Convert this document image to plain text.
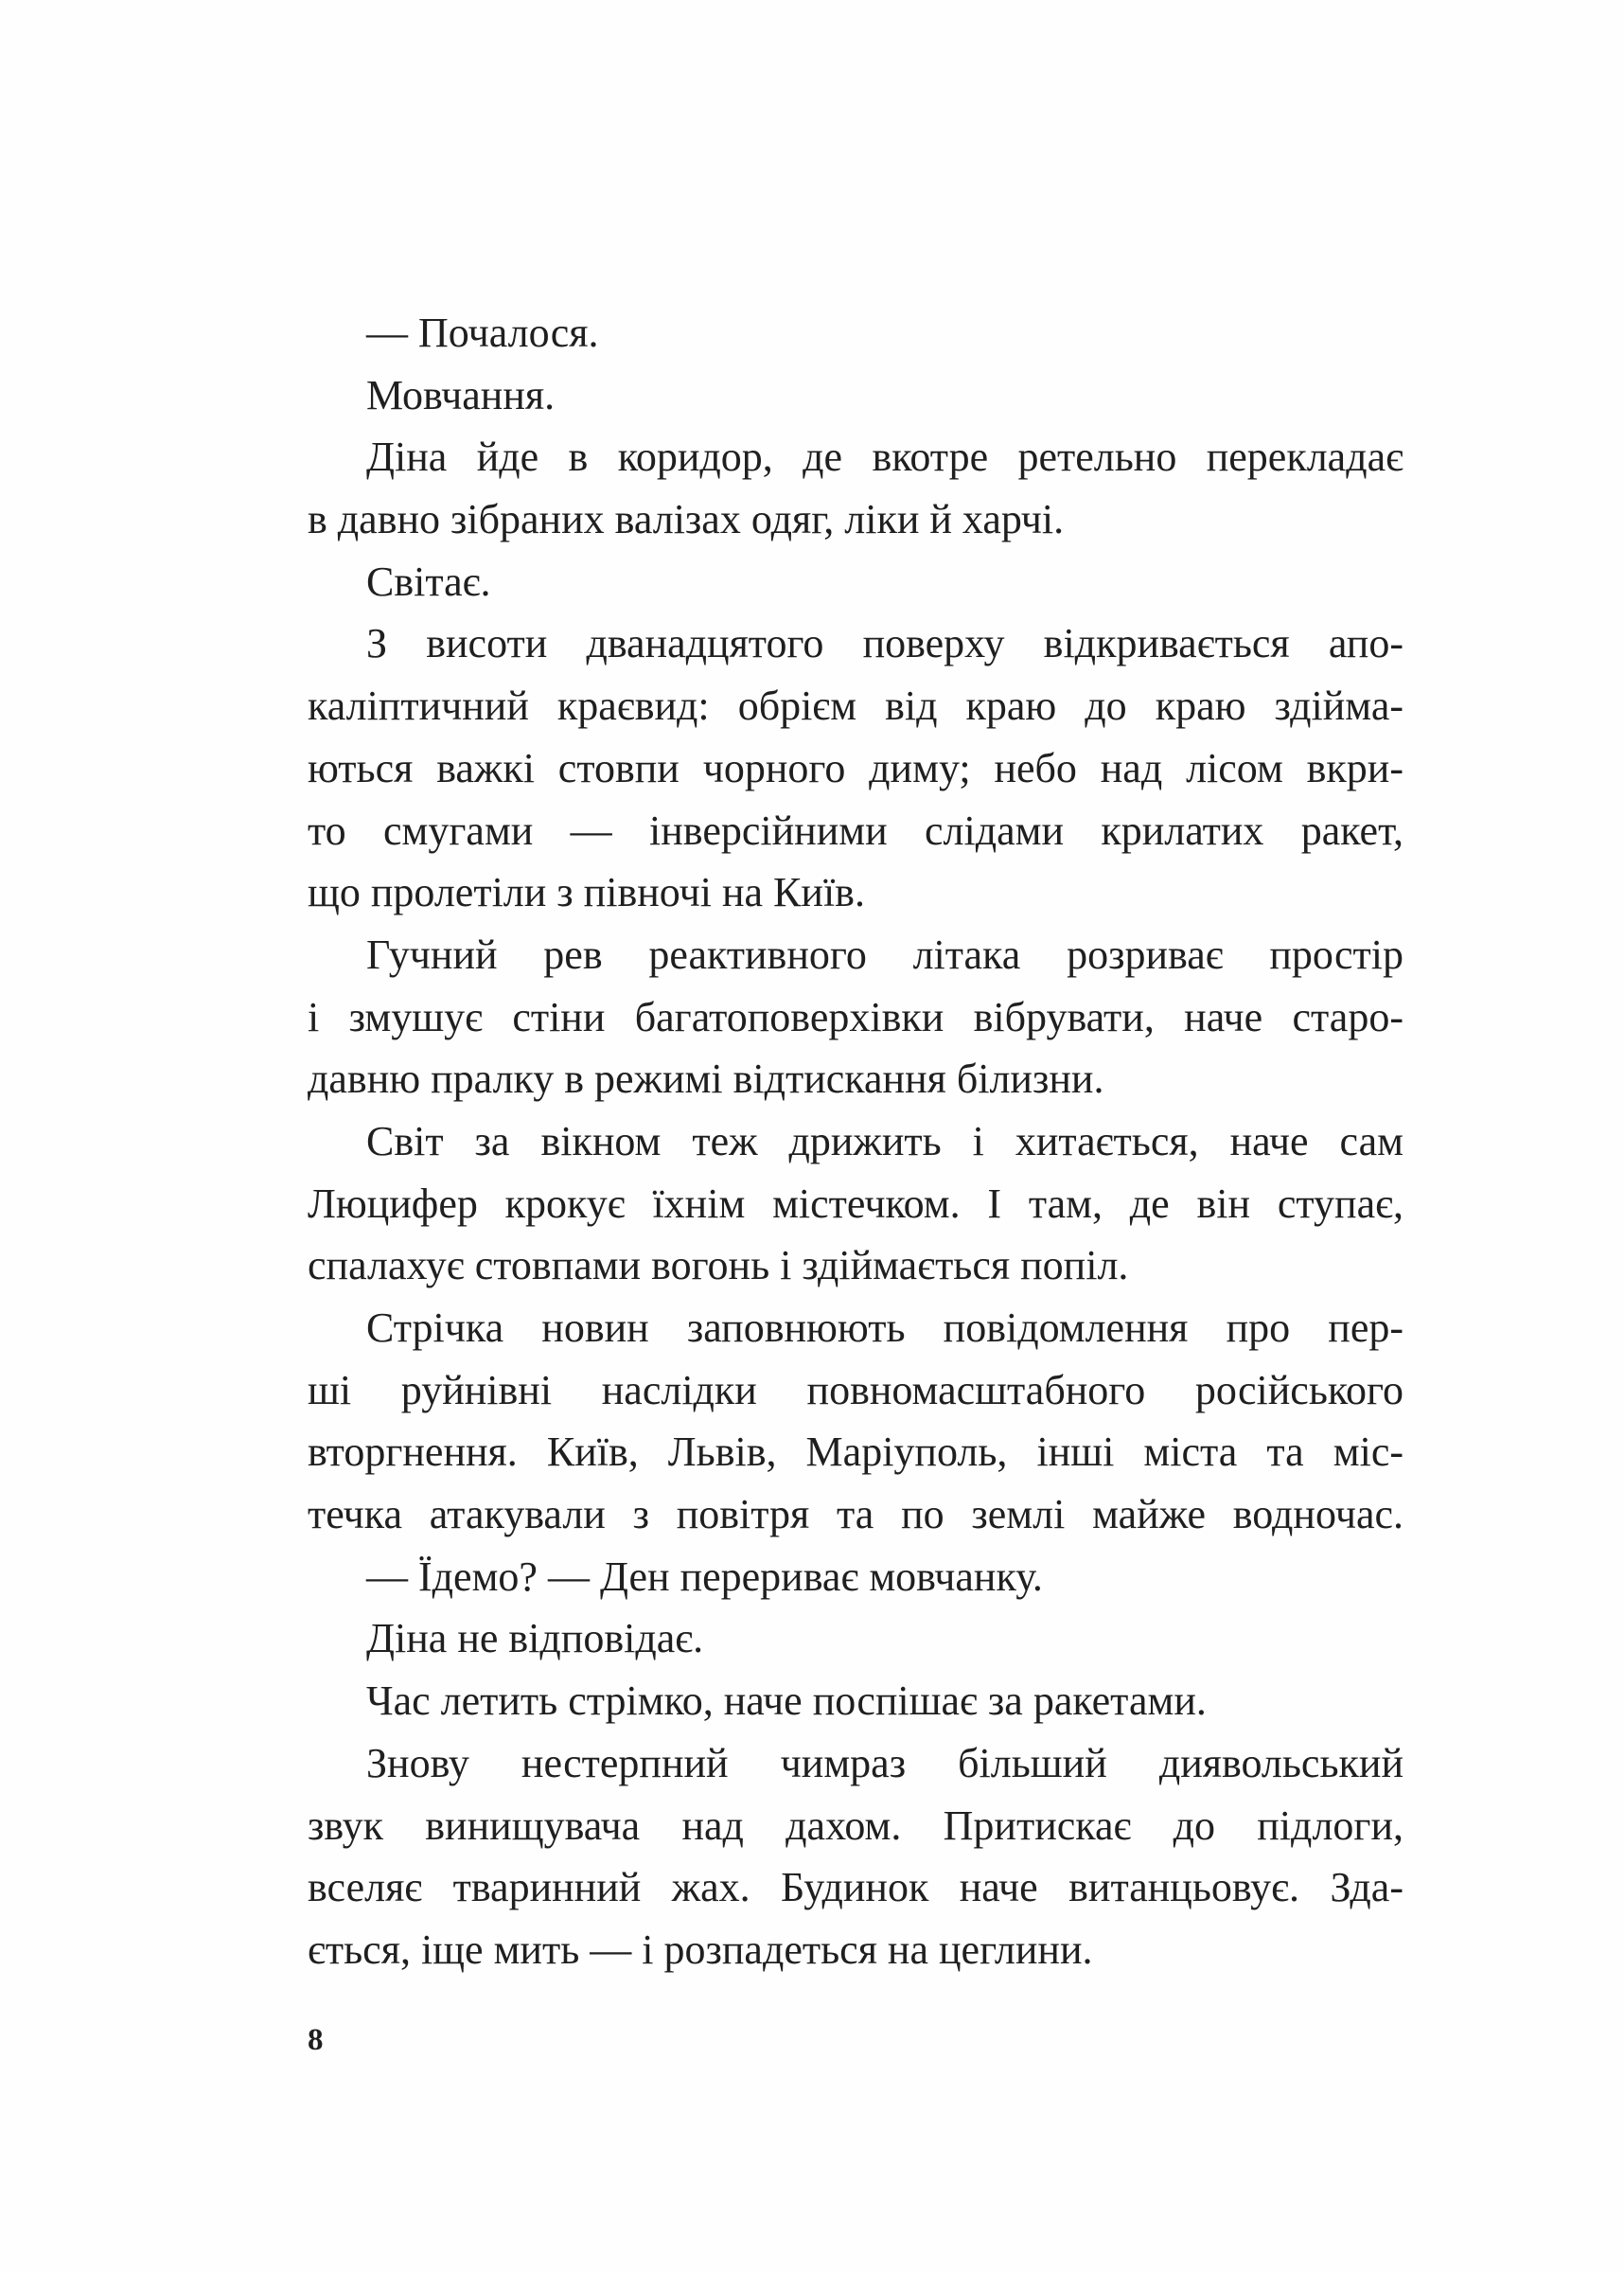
— Почалося.
Мовчання.
Діна йде в коридор, де вкотре ретельно перекладає
в давно зібраних валізах одяг, ліки й харчі.
Світає.
З висоти дванадцятого поверху відкривається апо-
каліптичний краєвид: обрієм від краю до краю здійма-
ються важкі стовпи чорного диму; небо над лісом вкри-
то смугами — інверсійними слідами крилатих ракет,
що пролетіли з півночі на Київ.
Гучний рев реактивного літака розриває простір
і змушує стіни багатоповерхівки вібрувати, наче старо-
давню пралку в режимі відтискання білизни.
Світ за вікном теж дрижить і хитається, наче сам
Люцифер крокує їхнім містечком. І там, де він ступає,
спалахує стовпами вогонь і здіймається попіл.
Стрічка новин заповнюють повідомлення про пер-
ші руйнівні наслідки повномасштабного російського
вторгнення. Київ, Львів, Маріуполь, інші міста та міс-
течка атакували з повітря та по землі майже водночас.
— Їдемо? — Ден перериває мовчанку.
Діна не відповідає.
Час летить стрімко, наче поспішає за ракетами.
Знову нестерпний чимраз більший диявольський
звук винищувача над дахом. Притискає до підлоги,
вселяє тваринний жах. Будинок наче витанцьовує. Зда-
ється, іще мить — і розпадеться на цеглини.
8
